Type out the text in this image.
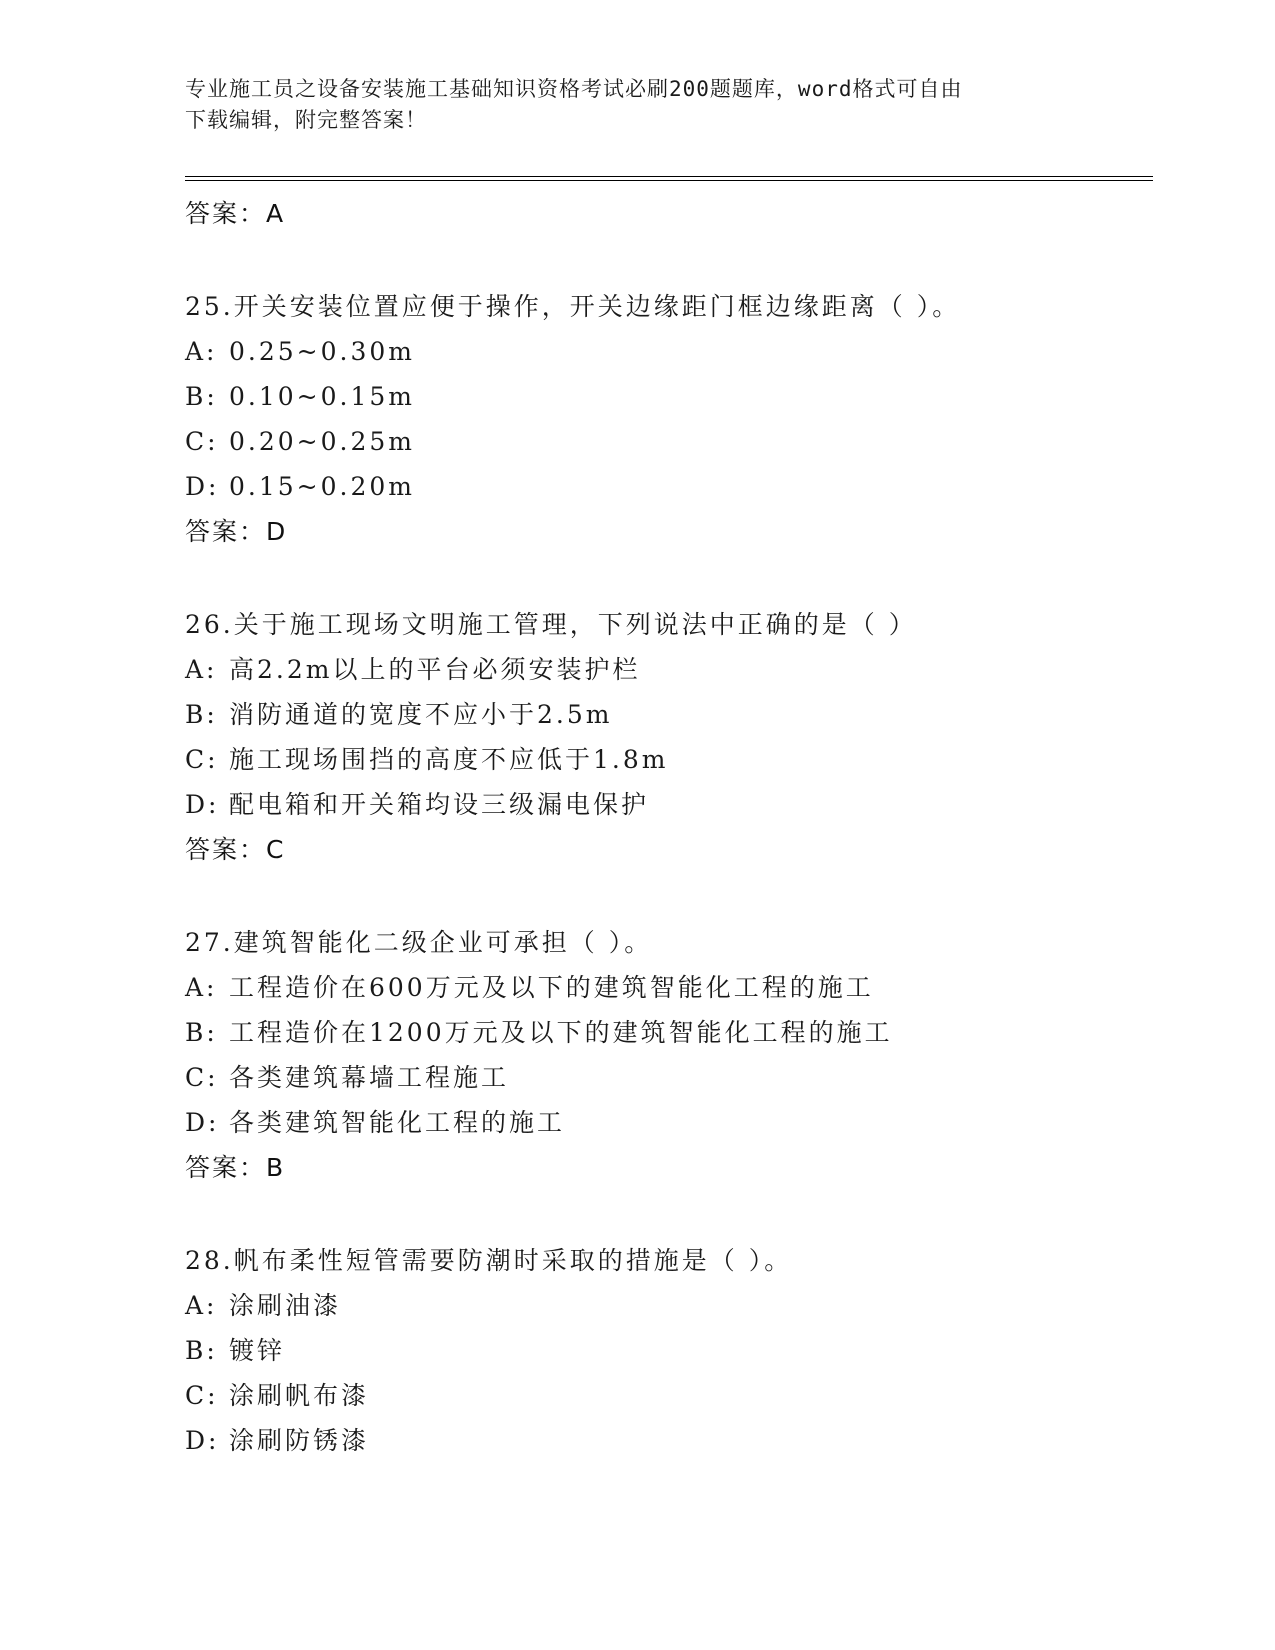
专业施工员之设备安装施工基础知识资格考试必刷200题题库，word格式可自由
下载编辑，附完整答案！
答案：A
25.开关安装位置应便于操作，开关边缘距门框边缘距离（ ）。
A: 0.25~0.30m
B: 0.10~0.15m
C: 0.20~0.25m
D: 0.15~0.20m
答案：D
26.关于施工现场文明施工管理，下列说法中正确的是（ ）
A: 高2.2m以上的平台必须安装护栏
B: 消防通道的宽度不应小于2.5m
C: 施工现场围挡的高度不应低于1.8m
D: 配电箱和开关箱均设三级漏电保护
答案：C
27.建筑智能化二级企业可承担（ ）。
A: 工程造价在600万元及以下的建筑智能化工程的施工
B: 工程造价在1200万元及以下的建筑智能化工程的施工
C: 各类建筑幕墙工程施工
D: 各类建筑智能化工程的施工
答案：B
28.帆布柔性短管需要防潮时采取的措施是（ ）。
A: 涂刷油漆
B: 镀锌
C: 涂刷帆布漆
D: 涂刷防锈漆
